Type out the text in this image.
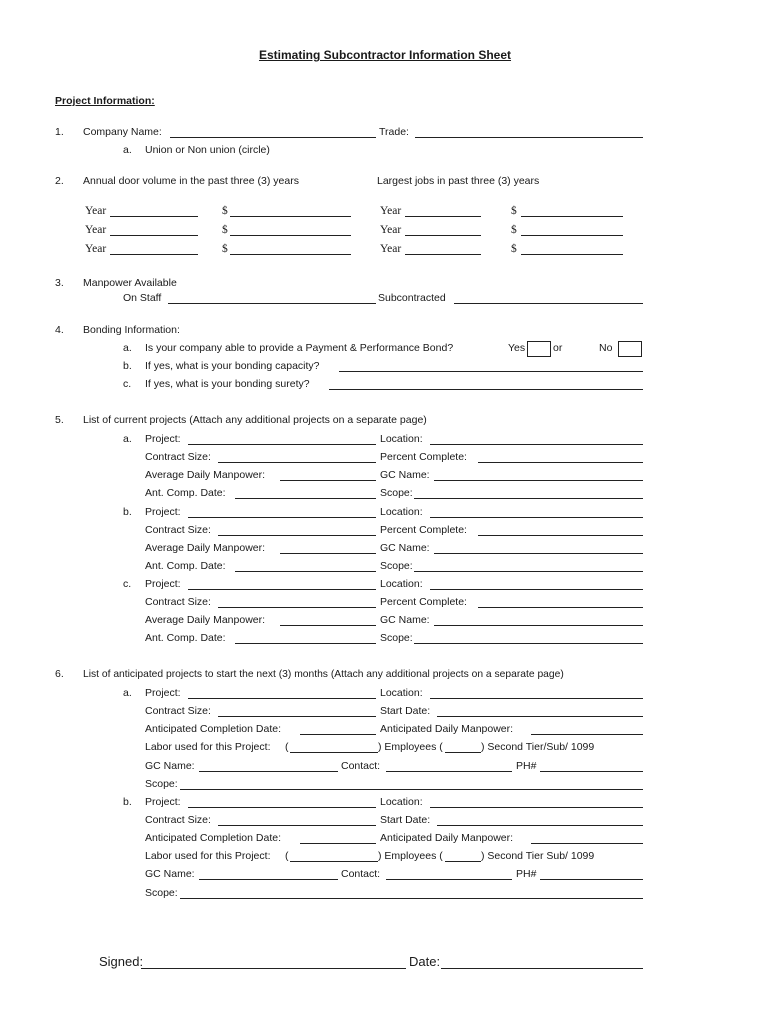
Estimating Subcontractor Information Sheet
Project Information:
1. Company Name:	Trade:
a. Union or Non union (circle)
2. Annual door volume in the past three (3) years	Largest jobs in past three (3) years
Year	$	Year	$
Year	$	Year	$
Year	$	Year	$
3. Manpower Available
On Staff	Subcontracted
4. Bonding Information:
a. Is your company able to provide a Payment & Performance Bond?	Yes	or	No
b. If yes, what is your bonding capacity?
c. If yes, what is your bonding surety?
5. List of current projects (Attach any additional projects on a separate page)
a. Project:	Location:
Contract Size:	Percent Complete:
Average Daily Manpower:	GC Name:
Ant. Comp. Date:	Scope:
b. Project:	Location:
Contract Size:	Percent Complete:
Average Daily Manpower:	GC Name:
Ant. Comp. Date:	Scope:
c. Project:	Location:
Contract Size:	Percent Complete:
Average Daily Manpower:	GC Name:
Ant. Comp. Date:	Scope:
6. List of anticipated projects to start the next (3) months (Attach any additional projects on a separate page)
a. Project:	Location:
Contract Size:	Start Date:
Anticipated Completion Date:	Anticipated Daily Manpower:
Labor used for this Project: (	) Employees (	) Second Tier/Sub/ 1099
GC Name:	Contact:	PH#
Scope:
b. Project:	Location:
Contract Size:	Start Date:
Anticipated Completion Date:	Anticipated Daily Manpower:
Labor used for this Project: (	) Employees (	) Second Tier Sub/ 1099
GC Name:	Contact:	PH#
Scope:
Signed:	Date:
